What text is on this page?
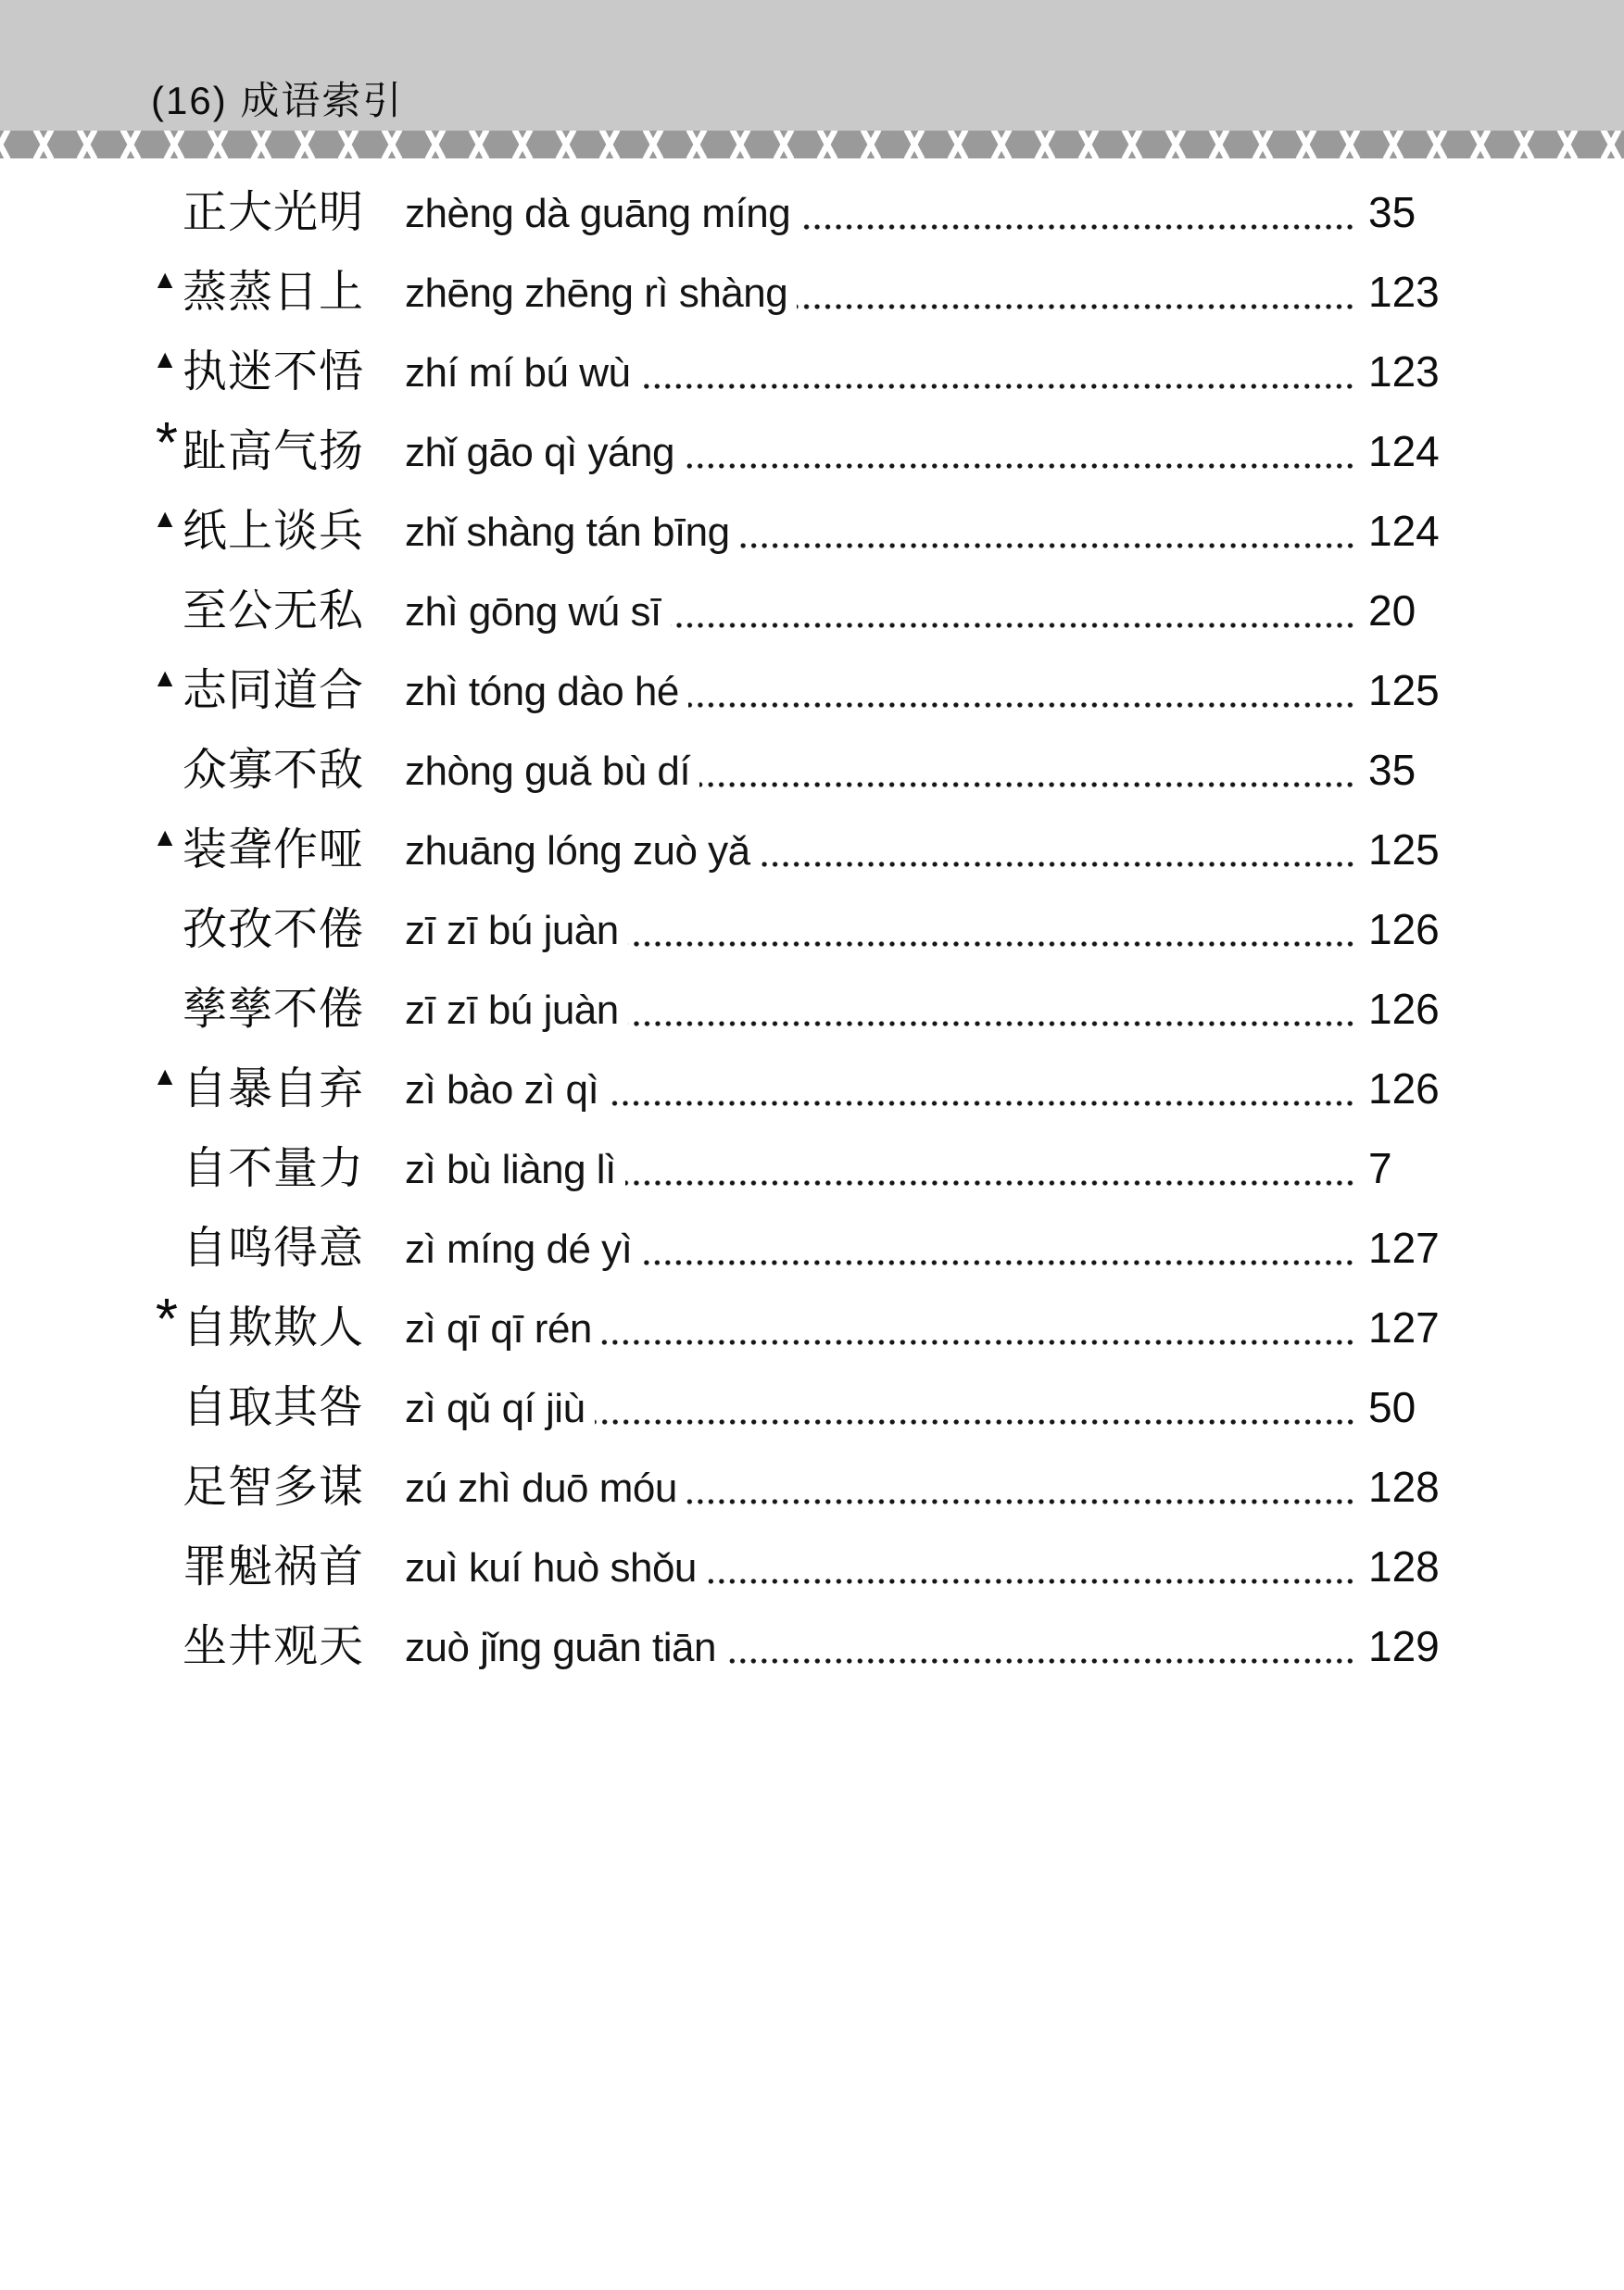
(16) 成语索引
正大光明 zhèng dà guāng míng	35
▲ 蒸蒸日上 zhēng zhēng rì shàng	123
▲ 执迷不悟 zhí mí bú wù	123
* 趾高气扬 zhǐ gāo qì yáng	124
▲ 纸上谈兵 zhǐ shàng tán bīng	124
至公无私 zhì gōng wú sī	20
▲ 志同道合 zhì tóng dào hé	125
众寡不敌 zhòng guǎ bù dí	35
▲ 装聋作哑 zhuāng lóng zuò yǎ	125
孜孜不倦 zī zī bú juàn	126
孳孳不倦 zī zī bú juàn	126
▲ 自暴自弃 zì bào zì qì	126
自不量力 zì bù liàng lì	7
自鸣得意 zì míng dé yì	127
* 自欺欺人 zì qī qī rén	127
自取其咎 zì qǔ qí jiù	50
足智多谋 zú zhì duō móu	128
罪魁祸首 zuì kuí huò shǒu	128
坐井观天 zuò jǐng guān tiān	129
